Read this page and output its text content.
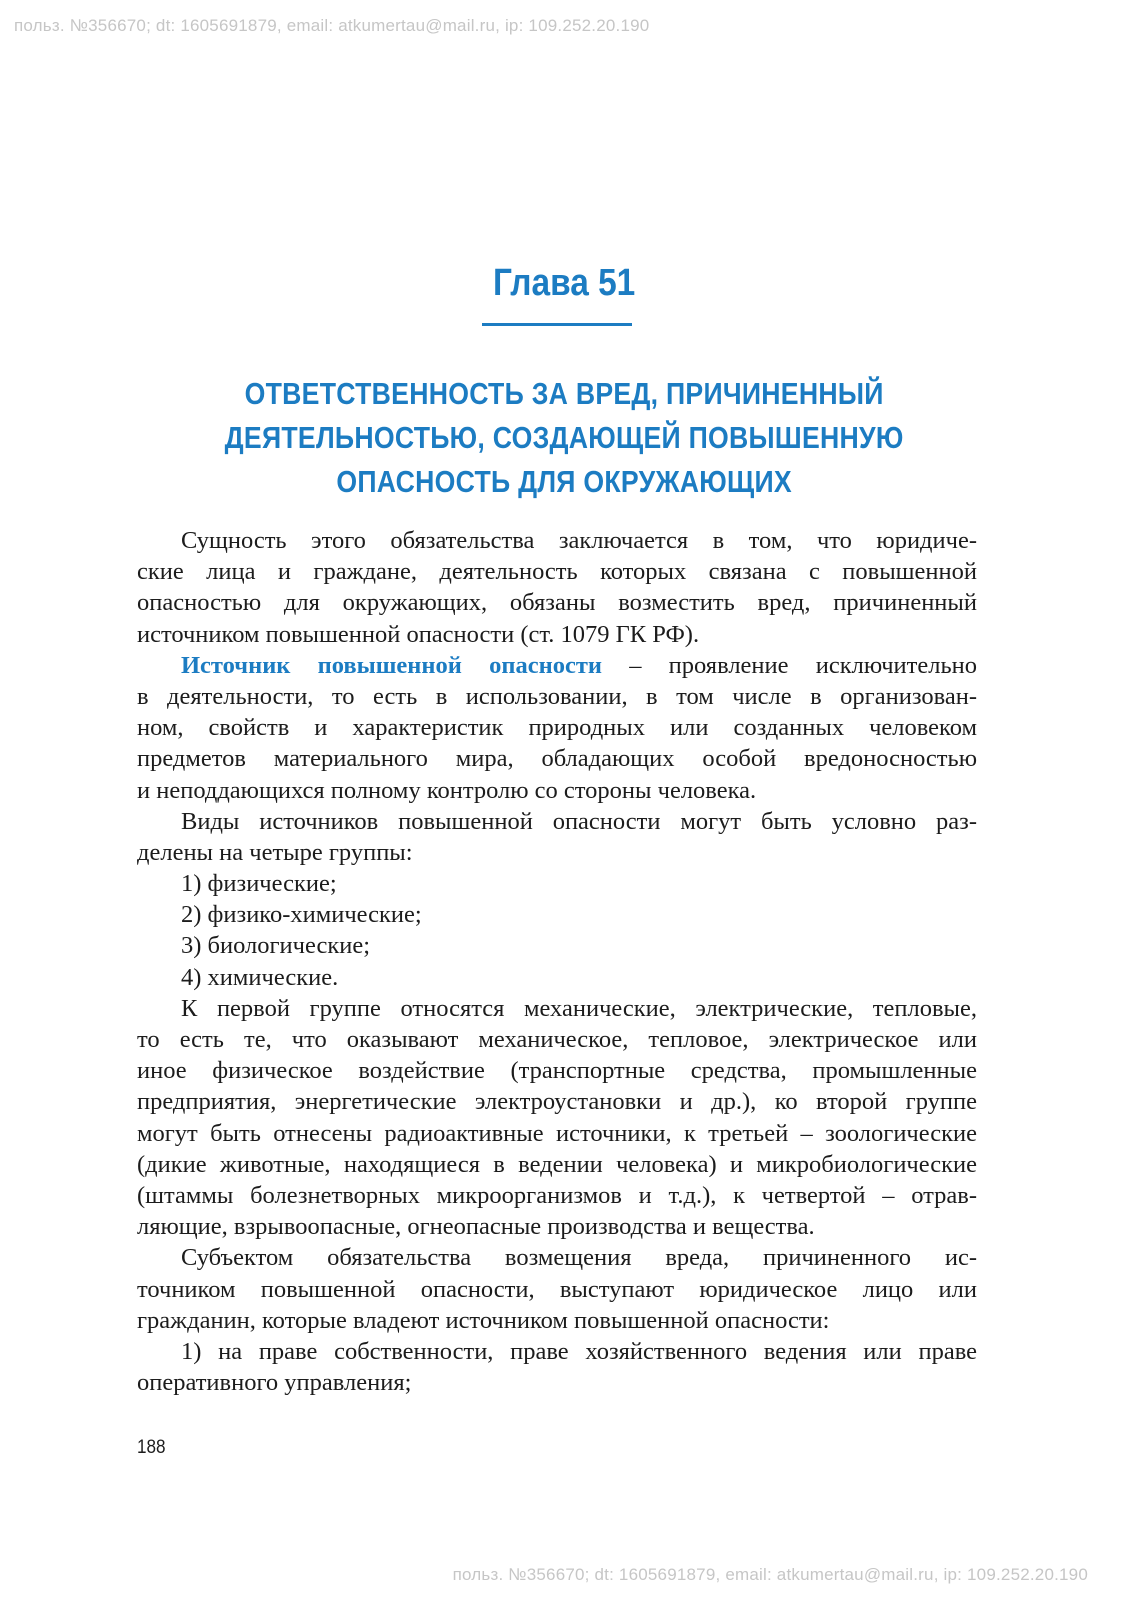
польз. №356670; dt: 1605691879, email: atkumertau@mail.ru, ip: 109.252.20.190
Глава 51
ОТВЕТСТВЕННОСТЬ ЗА ВРЕД, ПРИЧИНЕННЫЙ
ДЕЯТЕЛЬНОСТЬЮ, СОЗДАЮЩЕЙ ПОВЫШЕННУЮ
ОПАСНОСТЬ ДЛЯ ОКРУЖАЮЩИХ
Сущность этого обязательства заключается в том, что юридиче-
ские лица и граждане, деятельность которых связана с повышенной
опасностью для окружающих, обязаны возместить вред, причиненный
источником повышенной опасности (ст. 1079 ГК РФ).
Источник повышенной опасности – проявление исключительно
в деятельности, то есть в использовании, в том числе в организован-
ном, свойств и характеристик природных или созданных человеком
предметов материального мира, обладающих особой вредоносностью
и неподдающихся полному контролю со стороны человека.
Виды источников повышенной опасности могут быть условно раз-
делены на четыре группы:
1) физические;
2) физико-химические;
3) биологические;
4) химические.
К первой группе относятся механические, электрические, тепловые,
то есть те, что оказывают механическое, тепловое, электрическое или
иное физическое воздействие (транспортные средства, промышленные
предприятия, энергетические электроустановки и др.), ко второй группе
могут быть отнесены радиоактивные источники, к третьей – зоологические
(дикие животные, находящиеся в ведении человека) и микробиологические
(штаммы болезнетворных микроорганизмов и т.д.), к четвертой – отрав-
ляющие, взрывоопасные, огнеопасные производства и вещества.
Субъектом обязательства возмещения вреда, причиненного ис-
точником повышенной опасности, выступают юридическое лицо или
гражданин, которые владеют источником повышенной опасности:
1) на праве собственности, праве хозяйственного ведения или праве
оперативного управления;
188
польз. №356670; dt: 1605691879, email: atkumertau@mail.ru, ip: 109.252.20.190
